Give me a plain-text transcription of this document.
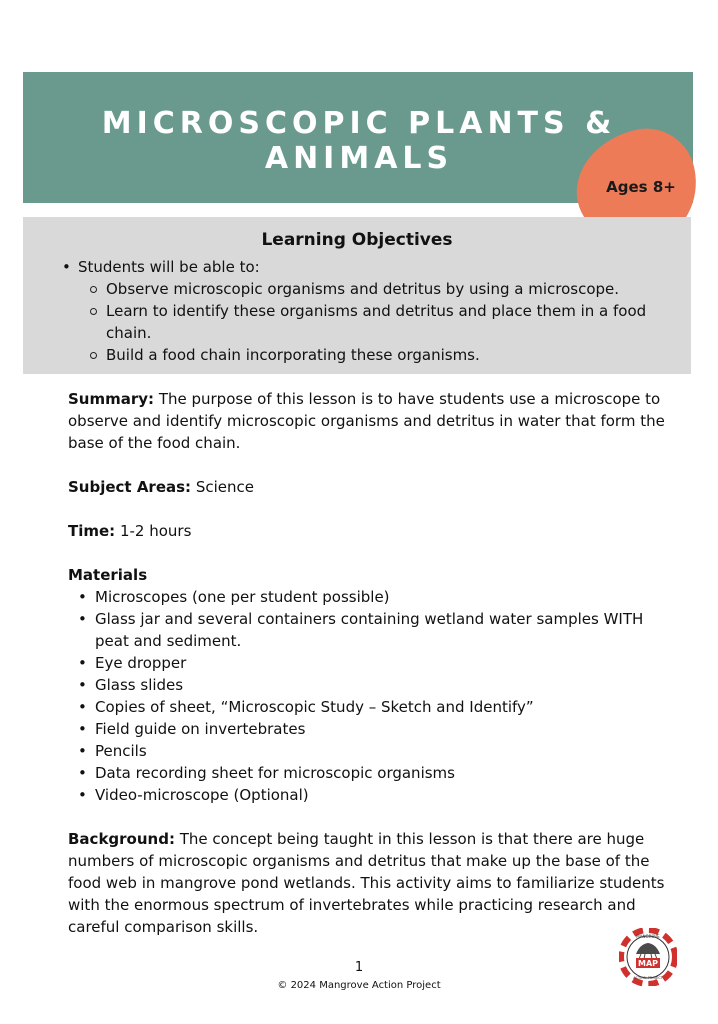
MICROSCOPIC PLANTS & ANIMALS
Ages 8+
Learning Objectives
• Students will be able to:
Observe microscopic organisms and detritus by using a microscope.
Learn to identify these organisms and detritus and place them in a food chain.
Build a food chain incorporating these organisms.

Summary: The purpose of this lesson is to have students use a microscope to observe and identify microscopic organisms and detritus in water that form the base of the food chain.

Subject Areas: Science

Time: 1-2 hours

Materials

• Microscopes (one per student possible)
• Glass jar and several containers containing wetland water samples WITH peat and sediment.
• Eye dropper
• Glass slides
• Copies of sheet, “Microscopic Study – Sketch and Identify”
• Field guide on invertebrates
• Pencils
• Data recording sheet for microscopic organisms
• Video-microscope (Optional)

Background: The concept being taught in this lesson is that there are huge numbers of microscopic organisms and detritus that make up the base of the food web in mangrove pond wetlands. This activity aims to familiarize students with the enormous spectrum of invertebrates while practicing research and careful comparison skills.

1
© 2024 Mangrove Action Project
MAP
MANGROVE
ACTION PROJECT
